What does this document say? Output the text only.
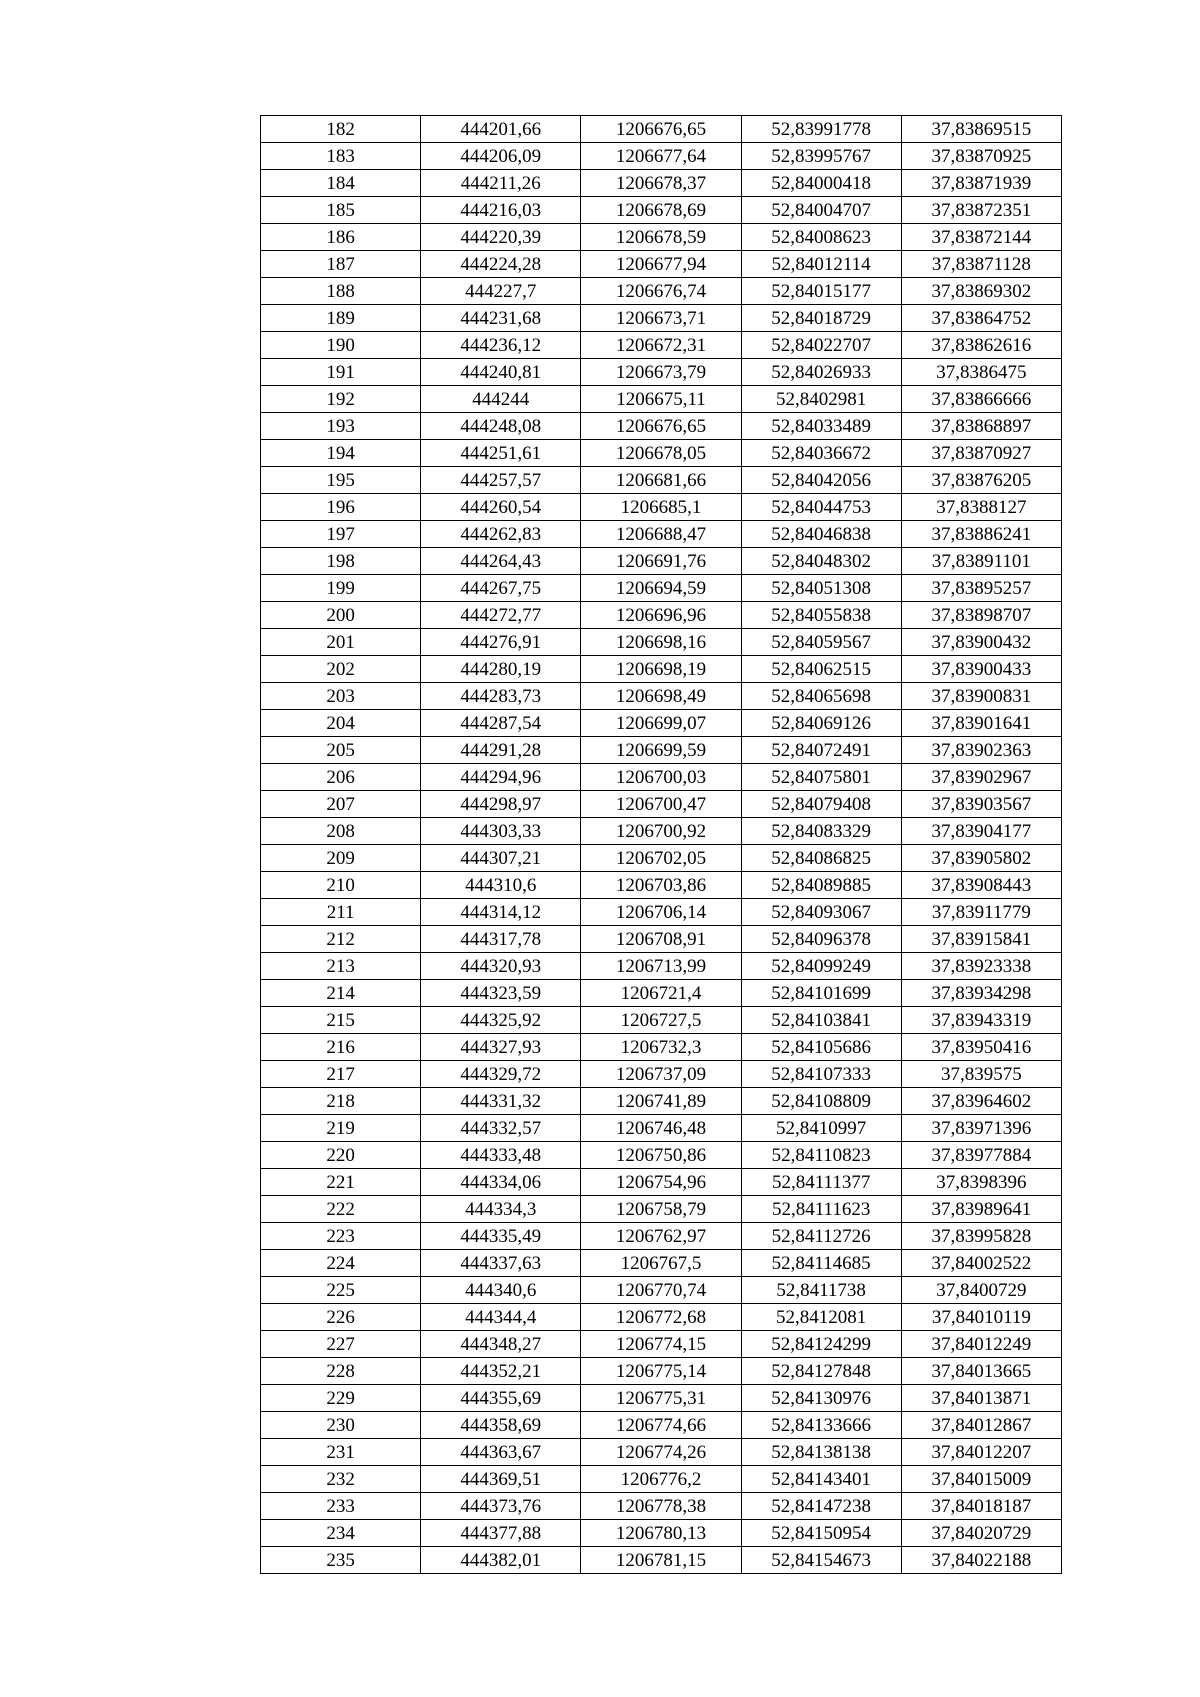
182	444201,66	1206676,65	52,83991778	37,83869515
183	444206,09	1206677,64	52,83995767	37,83870925
184	444211,26	1206678,37	52,84000418	37,83871939
185	444216,03	1206678,69	52,84004707	37,83872351
186	444220,39	1206678,59	52,84008623	37,83872144
187	444224,28	1206677,94	52,84012114	37,83871128
188	444227,7	1206676,74	52,84015177	37,83869302
189	444231,68	1206673,71	52,84018729	37,83864752
190	444236,12	1206672,31	52,84022707	37,83862616
191	444240,81	1206673,79	52,84026933	37,8386475
192	444244	1206675,11	52,8402981	37,83866666
193	444248,08	1206676,65	52,84033489	37,83868897
194	444251,61	1206678,05	52,84036672	37,83870927
195	444257,57	1206681,66	52,84042056	37,83876205
196	444260,54	1206685,1	52,84044753	37,8388127
197	444262,83	1206688,47	52,84046838	37,83886241
198	444264,43	1206691,76	52,84048302	37,83891101
199	444267,75	1206694,59	52,84051308	37,83895257
200	444272,77	1206696,96	52,84055838	37,83898707
201	444276,91	1206698,16	52,84059567	37,83900432
202	444280,19	1206698,19	52,84062515	37,83900433
203	444283,73	1206698,49	52,84065698	37,83900831
204	444287,54	1206699,07	52,84069126	37,83901641
205	444291,28	1206699,59	52,84072491	37,83902363
206	444294,96	1206700,03	52,84075801	37,83902967
207	444298,97	1206700,47	52,84079408	37,83903567
208	444303,33	1206700,92	52,84083329	37,83904177
209	444307,21	1206702,05	52,84086825	37,83905802
210	444310,6	1206703,86	52,84089885	37,83908443
211	444314,12	1206706,14	52,84093067	37,83911779
212	444317,78	1206708,91	52,84096378	37,83915841
213	444320,93	1206713,99	52,84099249	37,83923338
214	444323,59	1206721,4	52,84101699	37,83934298
215	444325,92	1206727,5	52,84103841	37,83943319
216	444327,93	1206732,3	52,84105686	37,83950416
217	444329,72	1206737,09	52,84107333	37,839575
218	444331,32	1206741,89	52,84108809	37,83964602
219	444332,57	1206746,48	52,8410997	37,83971396
220	444333,48	1206750,86	52,84110823	37,83977884
221	444334,06	1206754,96	52,84111377	37,8398396
222	444334,3	1206758,79	52,84111623	37,83989641
223	444335,49	1206762,97	52,84112726	37,83995828
224	444337,63	1206767,5	52,84114685	37,84002522
225	444340,6	1206770,74	52,8411738	37,8400729
226	444344,4	1206772,68	52,8412081	37,84010119
227	444348,27	1206774,15	52,84124299	37,84012249
228	444352,21	1206775,14	52,84127848	37,84013665
229	444355,69	1206775,31	52,84130976	37,84013871
230	444358,69	1206774,66	52,84133666	37,84012867
231	444363,67	1206774,26	52,84138138	37,84012207
232	444369,51	1206776,2	52,84143401	37,84015009
233	444373,76	1206778,38	52,84147238	37,84018187
234	444377,88	1206780,13	52,84150954	37,84020729
235	444382,01	1206781,15	52,84154673	37,84022188
